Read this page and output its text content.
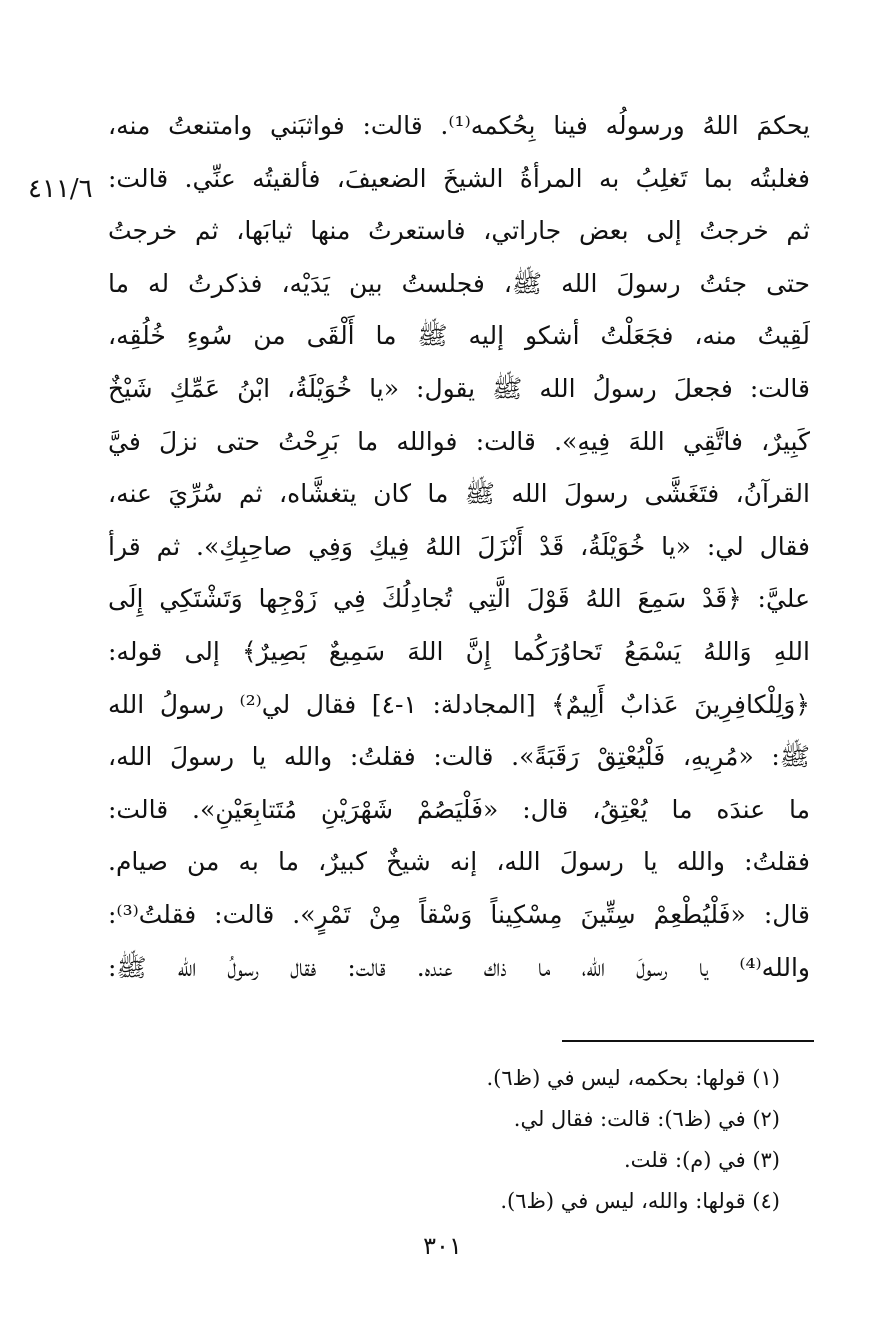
٤١١/٦
يحكمَ اللهُ ورسولُه فينا بِحُكمه⁽¹⁾. قالت: فواثبَني وامتنعتُ منه،
فغلبتُه بما تَغلِبُ به المرأةُ الشيخَ الضعيفَ، فألقيتُه عنِّي. قالت:
ثم خرجتُ إلى بعض جاراتي، فاستعرتُ منها ثيابَها، ثم خرجتُ
حتى جئتُ رسولَ الله ﷺ، فجلستُ بين يَدَيْه، فذكرتُ له ما
لَقِيتُ منه، فجَعَلْتُ أشكو إليه ﷺ ما أَلْقَى من سُوءِ خُلُقِه،
قالت: فجعلَ رسولُ الله ﷺ يقول: «يا خُوَيْلَةُ، ابْنُ عَمِّكِ شَيْخٌ
كَبِيرٌ، فاتَّقِي اللهَ فِيهِ». قالت: فوالله ما بَرِحْتُ حتى نزلَ فيَّ
القرآنُ، فتَغَشَّى رسولَ الله ﷺ ما كان يتغشَّاه، ثم سُرِّيَ عنه،
فقال لي: «يا خُوَيْلَةُ، قَدْ أَنْزَلَ اللهُ فِيكِ وَفِي صاحِبِكِ». ثم قرأ
عليَّ: ﴿قَدْ سَمِعَ اللهُ قَوْلَ الَّتِي تُجادِلُكَ فِي زَوْجِها وَتَشْتَكِي إِلَى
اللهِ وَاللهُ يَسْمَعُ تَحاوُرَكُما إِنَّ اللهَ سَمِيعٌ بَصِيرٌ﴾ إلى قوله:
﴿وَلِلْكافِرِينَ عَذابٌ أَلِيمٌ﴾ [المجادلة: ١-٤] فقال لي⁽²⁾ رسولُ الله
ﷺ: «مُرِيهِ، فَلْيُعْتِقْ رَقَبَةً». قالت: فقلتُ: والله يا رسولَ الله،
ما عندَه ما يُعْتِقُ، قال: «فَلْيَصُمْ شَهْرَيْنِ مُتَتابِعَيْنِ». قالت:
فقلتُ: والله يا رسولَ الله، إنه شيخٌ كبيرٌ، ما به من صيام.
قال: «فَلْيُطْعِمْ سِتِّينَ مِسْكِيناً وَسْقاً مِنْ تَمْرٍ». قالت: فقلتُ⁽³⁾:
والله⁽⁴⁾ يا رسولَ الله، ما ذاك عنده. قالت: فقال رسولُ الله ﷺ:
(١) قولها: بحكمه، ليس في (ظ٦).
(٢) في (ظ٦): قالت: فقال لي.
(٣) في (م): قلت.
(٤) قولها: والله، ليس في (ظ٦).
٣٠١
